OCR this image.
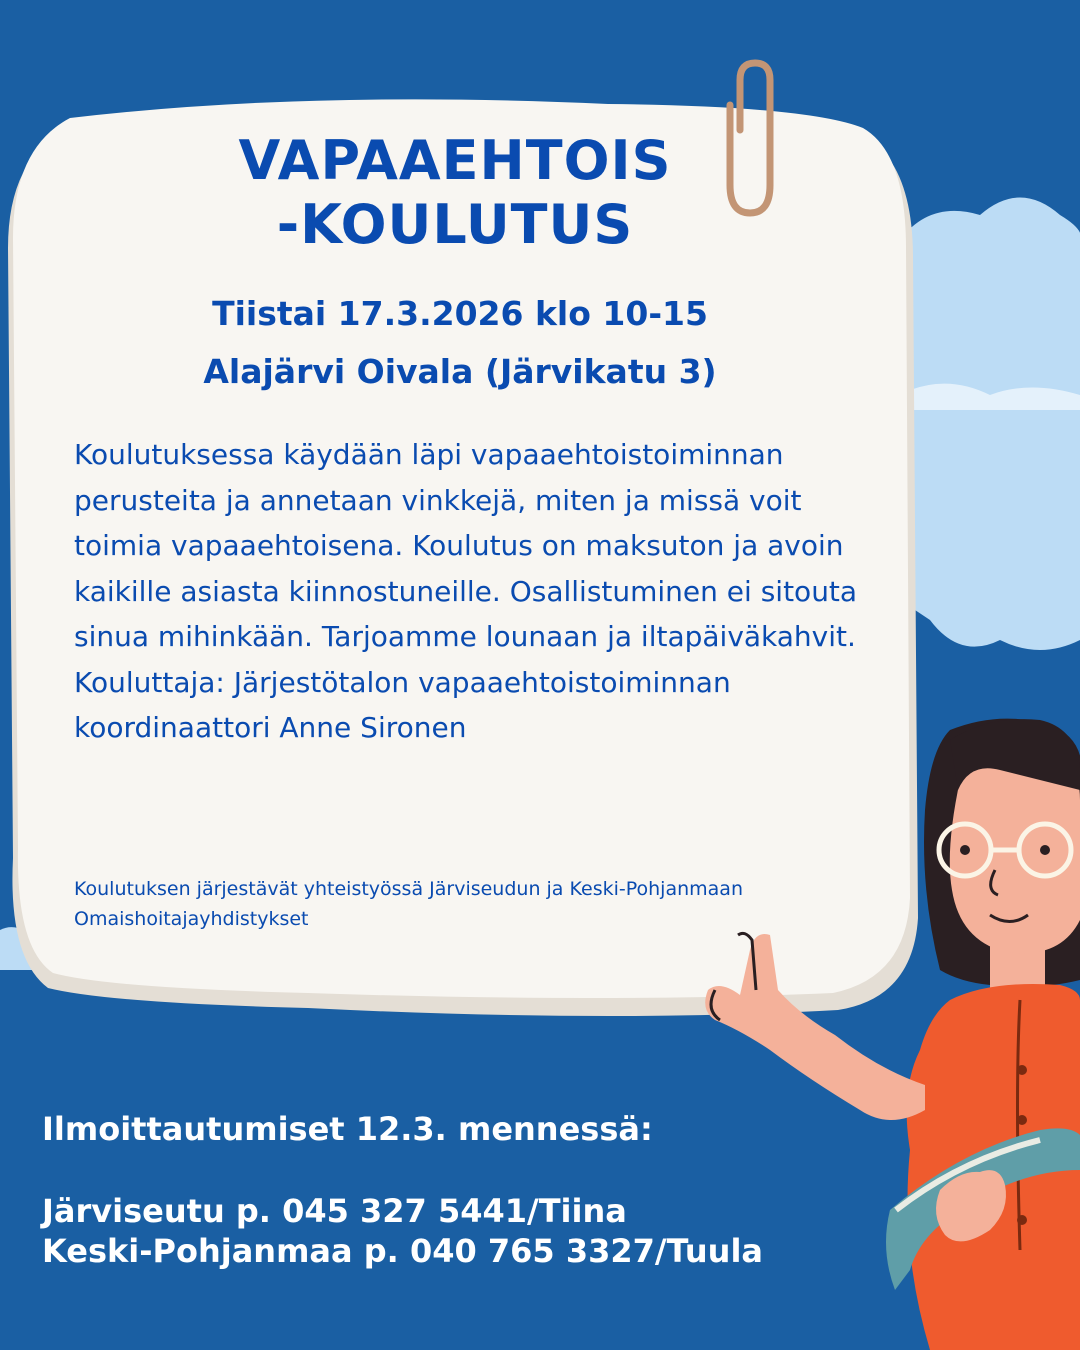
VAPAAEHTOIS
-KOULUTUS

Tiistai 17.3.2026 klo 10-15

Alajärvi Oivala (Järvikatu 3)

Koulutuksessa käydään läpi vapaaehtoistoiminnan perusteita ja annetaan vinkkejä, miten ja missä voit toimia vapaaehtoisena. Koulutus on maksuton ja avoin kaikille asiasta kiinnostuneille. Osallistuminen ei sitouta sinua mihinkään. Tarjoamme lounaan ja iltapäiväkahvit.

Kouluttaja: Järjestötalon vapaaehtoistoiminnan koordinaattori Anne Sironen

Koulutuksen järjestävät yhteistyössä Järviseudun ja Keski-Pohjanmaan Omaishoitajayhdistykset

Ilmoittautumiset 12.3. mennessä:

Järviseutu p. 045 327 5441/Tiina

Keski-Pohjanmaa p. 040 765 3327/Tuula
